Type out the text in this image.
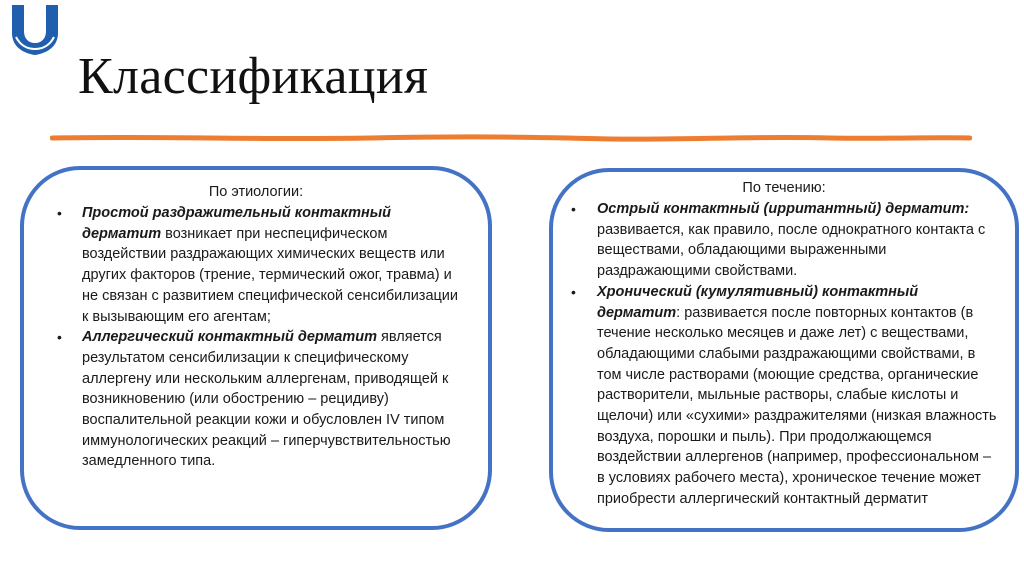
Классификация
По этиологии:
• Простой раздражительный контактный дерматит возникает при неспецифическом воздействии раздражающих химических веществ или других факторов (трение, термический ожог, травма) и не связан с развитием специфической сенсибилизации к вызывающим его агентам;
• Аллергический контактный дерматит является результатом сенсибилизации к специфическому аллергену или нескольким аллергенам, приводящей к возникновению (или обострению – рецидиву) воспалительной реакции кожи и обусловлен IV типом иммунологических реакций – гиперчувствительностью замедленного типа.
По течению:
• Острый контактный (ирритантный) дерматит: развивается, как правило, после однократного контакта с веществами, обладающими выраженными раздражающими свойствами.
• Хронический (кумулятивный) контактный дерматит: развивается после повторных контактов (в течение несколько месяцев и даже лет) с веществами, обладающими слабыми раздражающими свойствами, в том числе растворами (моющие средства, органические растворители, мыльные растворы, слабые кислоты и щелочи) или «сухими» раздражителями (низкая влажность воздуха, порошки и пыль). При продолжающемся воздействии аллергенов (например, профессиональном – в условиях рабочего места), хроническое течение может приобрести аллергический контактный дерматит
